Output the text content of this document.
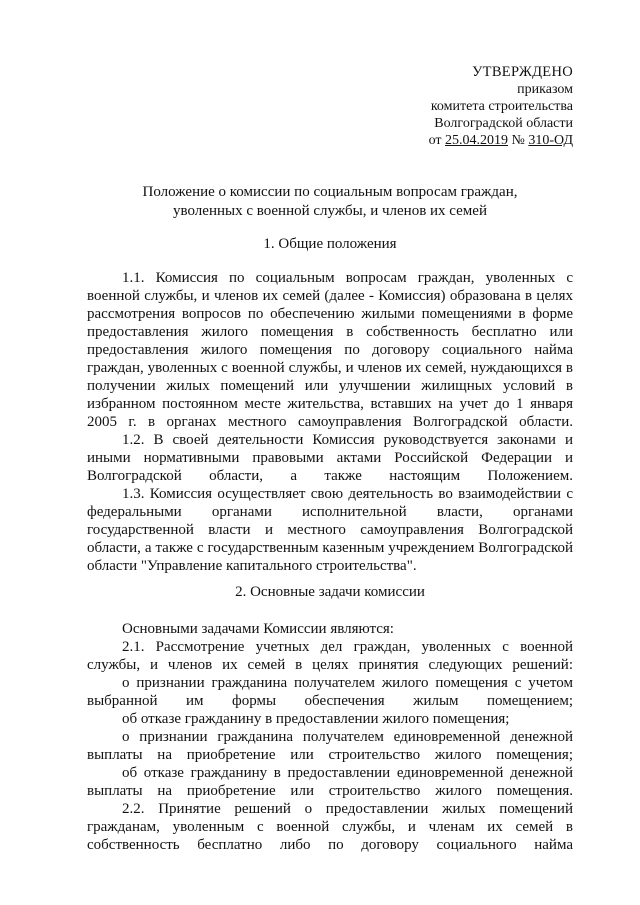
УТВЕРЖДЕНО
приказом
комитета строительства
Волгоградской области
от 25.04.2019 № 310-ОД
Положение о комиссии по социальным вопросам граждан,
уволенных с военной службы, и членов их семей
1. Общие положения

1.1. Комиссия по социальным вопросам граждан, уволенных с военной службы, и членов их семей (далее - Комиссия) образована в целях рассмотрения вопросов по обеспечению жилыми помещениями в форме предоставления жилого помещения в собственность бесплатно или предоставления жилого помещения по договору социального найма граждан, уволенных с военной службы, и членов их семей, нуждающихся в получении жилых помещений или улучшении жилищных условий в избранном постоянном месте жительства, вставших на учет до 1 января 2005 г. в органах местного самоуправления Волгоградской области.

1.2. В своей деятельности Комиссия руководствуется законами и иными нормативными правовыми актами Российской Федерации и Волгоградской области, а также настоящим Положением.

1.3. Комиссия осуществляет свою деятельность во взаимодействии с федеральными органами исполнительной власти, органами государственной власти и местного самоуправления Волгоградской области, а также с государственным казенным учреждением Волгоградской области "Управление капитального строительства".

2. Основные задачи комиссии

Основными задачами Комиссии являются:

2.1. Рассмотрение учетных дел граждан, уволенных с военной службы, и членов их семей в целях принятия следующих решений:

о признании гражданина получателем жилого помещения с учетом выбранной им формы обеспечения жилым помещением;

об отказе гражданину в предоставлении жилого помещения;

о признании гражданина получателем единовременной денежной выплаты на приобретение или строительство жилого помещения;

об отказе гражданину в предоставлении единовременной денежной выплаты на приобретение или строительство жилого помещения.

2.2. Принятие решений о предоставлении жилых помещений гражданам, уволенным с военной службы, и членам их семей в собственность бесплатно либо по договору социального найма
